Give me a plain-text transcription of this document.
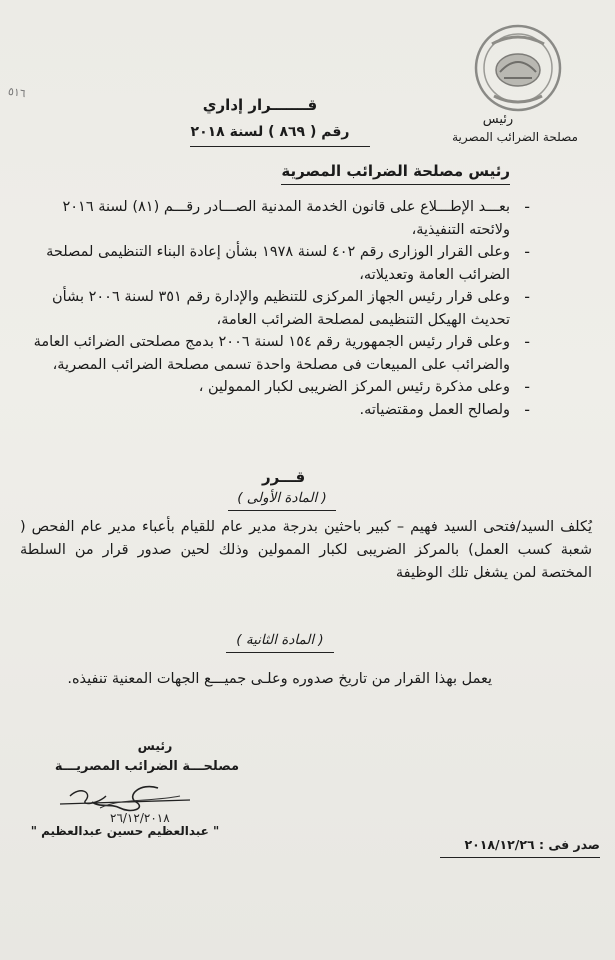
رئيس
مصلحة الضرائب المصرية
٥١٦
قـــــــرار إداري
رقم ( ٨٦٩ ) لسنة ٢٠١٨
رئيس مصلحة الضرائب المصرية
-
بعـــد الإطـــلاع على قانون الخدمة المدنية الصـــادر رقـــم (٨١) لسنة ٢٠١٦ ولائحته التنفيذية،
-
وعلى القرار الوزارى رقم ٤٠٢ لسنة ١٩٧٨ بشأن إعادة البناء التنظيمى لمصلحة الضرائب العامة وتعديلاته،
-
وعلى قرار رئيس الجهاز المركزى للتنظيم والإدارة رقم ٣٥١ لسنة ٢٠٠٦ بشأن تحديث الهيكل التنظيمى لمصلحة الضرائب العامة،
-
وعلى قرار رئيس الجمهورية رقم ١٥٤ لسنة ٢٠٠٦ بدمج مصلحتى الضرائب العامة والضرائب على المبيعات فى مصلحة واحدة تسمى مصلحة الضرائب المصرية،
-
وعلى مذكرة رئيس المركز الضريبى لكبار الممولين ،
-
ولصالح العمل ومقتضياته.
قـــرر
( المادة الأولى )
يُكلف السيد/فتحى السيد فهيم – كبير باحثين بدرجة مدير عام للقيام بأعباء مدير عام الفحص ( شعبة كسب العمل) بالمركز الضريبى لكبار الممولين وذلك لحين صدور قرار من السلطة المختصة لمن يشغل تلك الوظيفة
( المادة الثانية )
يعمل بهذا القرار من تاريخ صدوره وعلـى جميـــع الجهات المعنية تنفيذه.
رئيس
مصلحـــة الضرائب المصريـــة
٢٦/١٢/٢٠١٨
" عبدالعظيم حسين عبدالعظيم "
صدر فى : ٢٠١٨/١٢/٢٦
